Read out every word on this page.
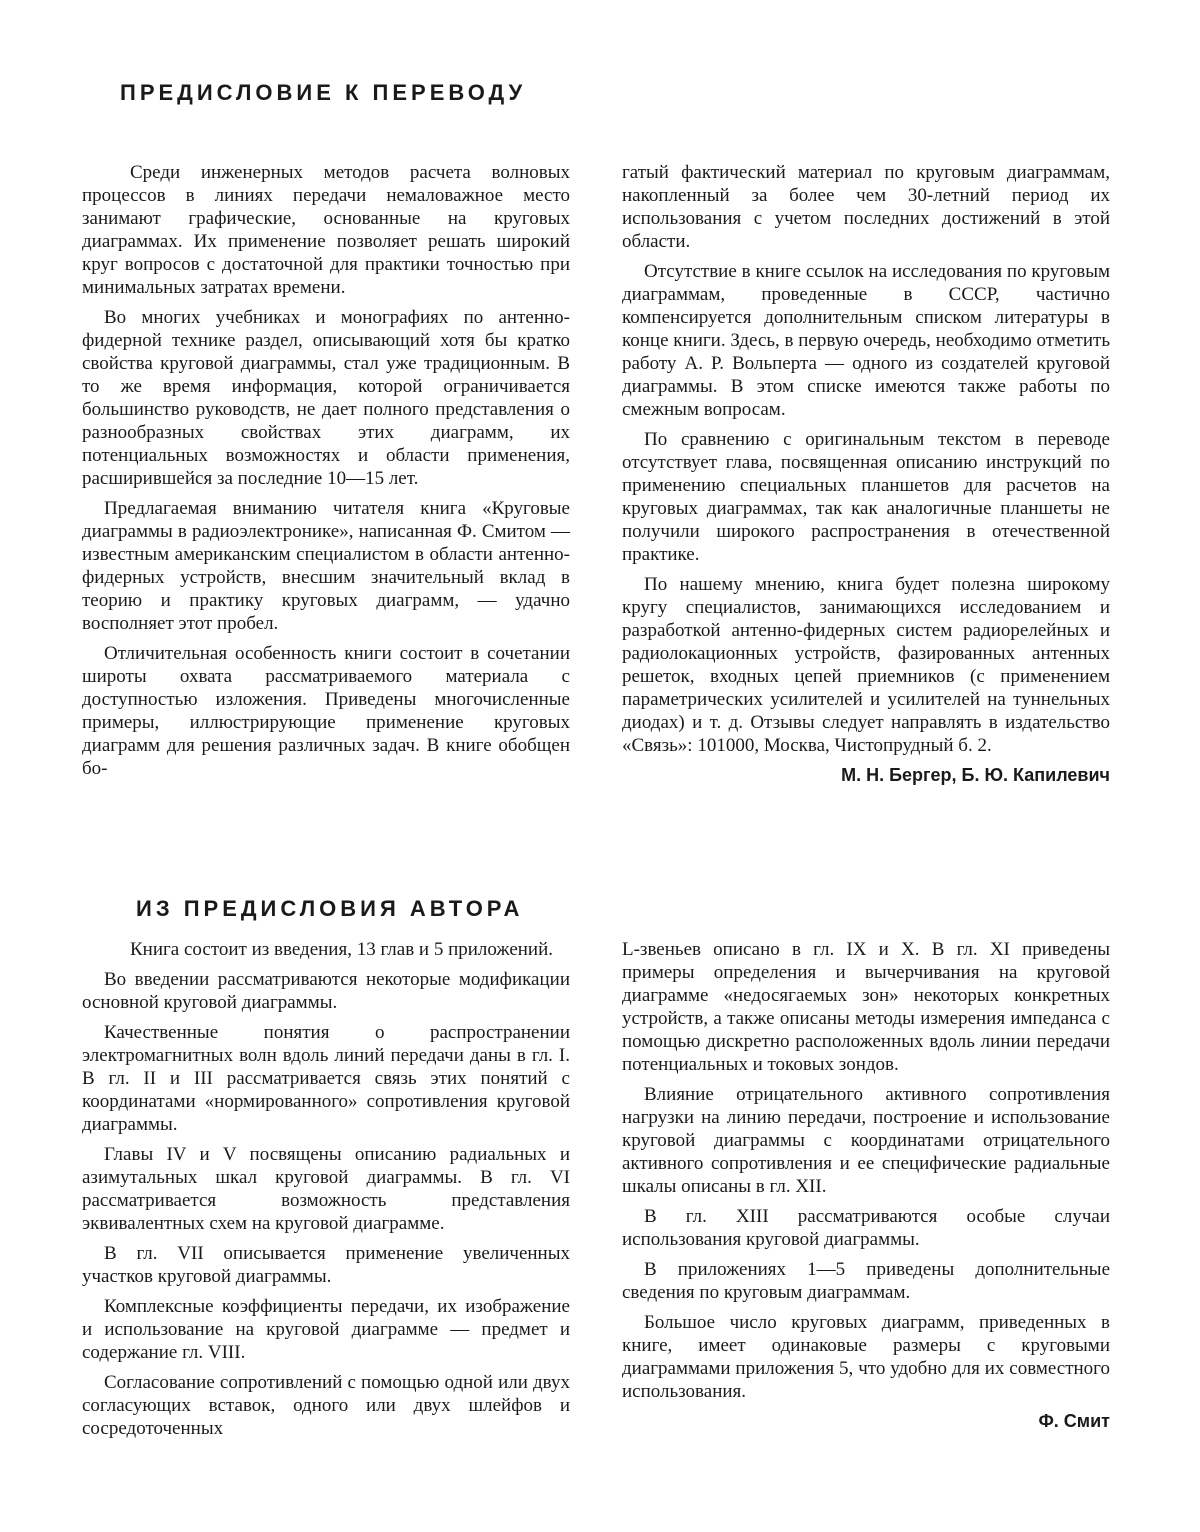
ПРЕДИСЛОВИЕ К ПЕРЕВОДУ

Среди инженерных методов расчета волновых процессов в линиях передачи немаловажное место занимают графические, основанные на круговых диаграммах. Их применение позволяет решать широкий круг вопросов с достаточной для практики точностью при минимальных затратах времени.

Во многих учебниках и монографиях по антенно-фидерной технике раздел, описывающий хотя бы кратко свойства круговой диаграммы, стал уже традиционным. В то же время информация, которой ограничивается большинство руководств, не дает полного представления о разнообразных свойствах этих диаграмм, их потенциальных возможностях и области применения, расширившейся за последние 10—15 лет.

Предлагаемая вниманию читателя книга «Круговые диаграммы в радиоэлектронике», написанная Ф. Смитом — известным американским специалистом в области антенно-фидерных устройств, внесшим значительный вклад в теорию и практику круговых диаграмм, — удачно восполняет этот пробел.

Отличительная особенность книги состоит в сочетании широты охвата рассматриваемого материала с доступностью изложения. Приведены многочисленные примеры, иллюстрирующие применение круговых диаграмм для решения различных задач. В книге обобщен бо-

гатый фактический материал по круговым диаграммам, накопленный за более чем 30-летний период их использования с учетом последних достижений в этой области.

Отсутствие в книге ссылок на исследования по круговым диаграммам, проведенные в СССР, частично компенсируется дополнительным списком литературы в конце книги. Здесь, в первую очередь, необходимо отметить работу А. Р. Вольперта — одного из создателей круговой диаграммы. В этом списке имеются также работы по смежным вопросам.

По сравнению с оригинальным текстом в переводе отсутствует глава, посвященная описанию инструкций по применению специальных планшетов для расчетов на круговых диаграммах, так как аналогичные планшеты не получили широкого распространения в отечественной практике.

По нашему мнению, книга будет полезна широкому кругу специалистов, занимающихся исследованием и разработкой антенно-фидерных систем радиорелейных и радиолокационных устройств, фазированных антенных решеток, входных цепей приемников (с применением параметрических усилителей и усилителей на туннельных диодах) и т. д. Отзывы следует направлять в издательство «Связь»: 101000, Москва, Чистопрудный б. 2.

М. Н. Бергер, Б. Ю. Капилевич

ИЗ ПРЕДИСЛОВИЯ АВТОРА

Книга состоит из введения, 13 глав и 5 приложений.

Во введении рассматриваются некоторые модификации основной круговой диаграммы.

Качественные понятия о распространении электромагнитных волн вдоль линий передачи даны в гл. I. В гл. II и III рассматривается связь этих понятий с координатами «нормированного» сопротивления круговой диаграммы.

Главы IV и V посвящены описанию радиальных и азимутальных шкал круговой диаграммы. В гл. VI рассматривается возможность представления эквивалентных схем на круговой диаграмме.

В гл. VII описывается применение увеличенных участков круговой диаграммы.

Комплексные коэффициенты передачи, их изображение и использование на круговой диаграмме — предмет и содержание гл. VIII.

Согласование сопротивлений с помощью одной или двух согласующих вставок, одного или двух шлейфов и сосредоточенных

L-звеньев описано в гл. IX и X. В гл. XI приведены примеры определения и вычерчивания на круговой диаграмме «недосягаемых зон» некоторых конкретных устройств, а также описаны методы измерения импеданса с помощью дискретно расположенных вдоль линии передачи потенциальных и токовых зондов.

Влияние отрицательного активного сопротивления нагрузки на линию передачи, построение и использование круговой диаграммы с координатами отрицательного активного сопротивления и ее специфические радиальные шкалы описаны в гл. XII.

В гл. XIII рассматриваются особые случаи использования круговой диаграммы.

В приложениях 1—5 приведены дополнительные сведения по круговым диаграммам.

Большое число круговых диаграмм, приведенных в книге, имеет одинаковые размеры с круговыми диаграммами приложения 5, что удобно для их совместного использования.

Ф. Смит
